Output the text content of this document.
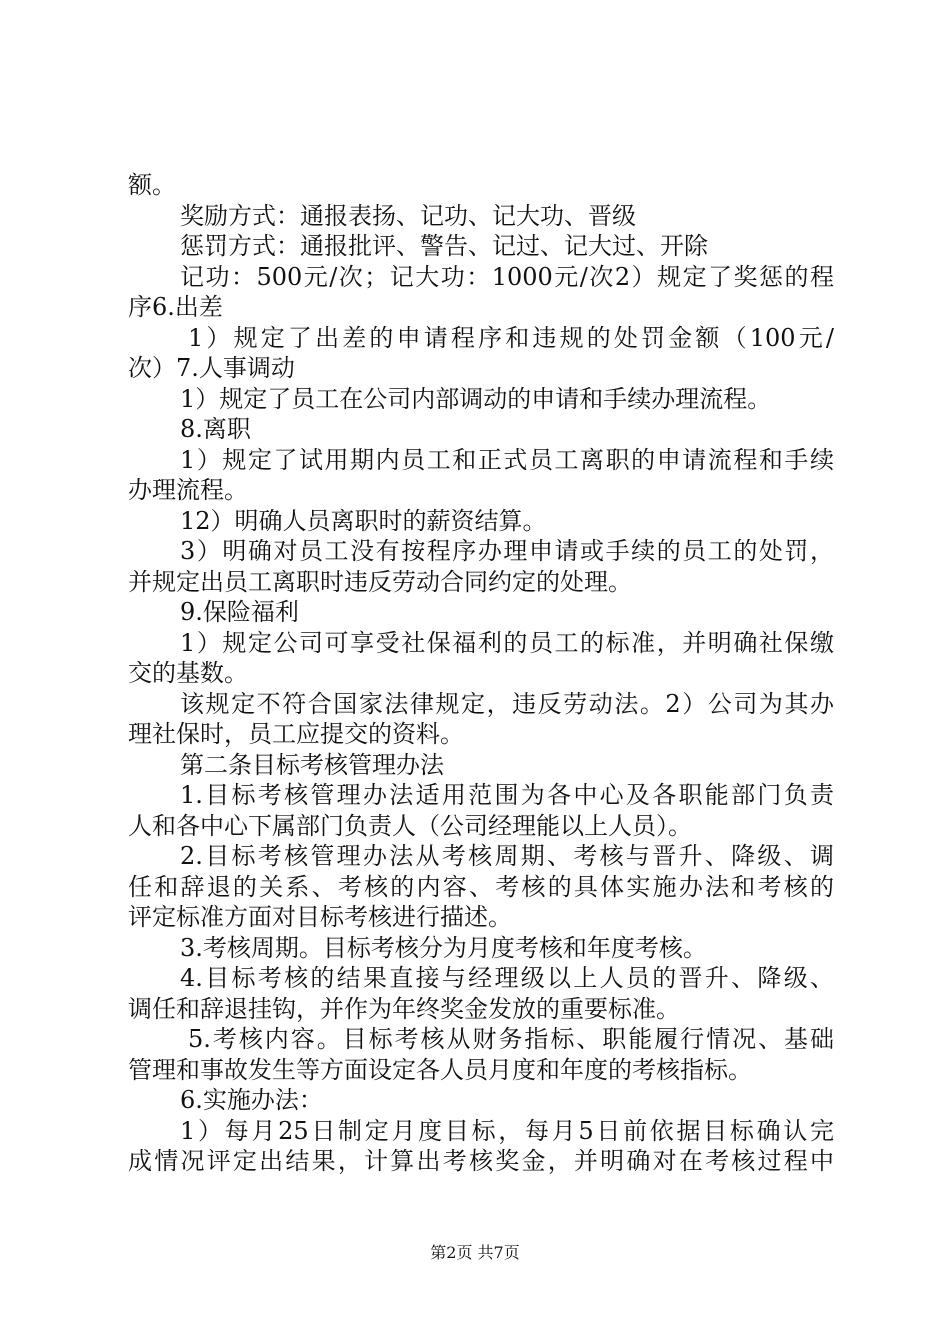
额。
奖励方式：通报表扬、记功、记大功、晋级
惩罚方式：通报批评、警告、记过、记大过、开除
记功：500元/次；记大功：1000元/次2）规定了奖惩的程
序6.出差
1）规定了出差的申请程序和违规的处罚金额（100元/
次）7.人事调动
1）规定了员工在公司内部调动的申请和手续办理流程。
8.离职
1）规定了试用期内员工和正式员工离职的申请流程和手续
办理流程。
12）明确人员离职时的薪资结算。
3）明确对员工没有按程序办理申请或手续的员工的处罚，
并规定出员工离职时违反劳动合同约定的处理。
9.保险福利
1）规定公司可享受社保福利的员工的标准，并明确社保缴
交的基数。
该规定不符合国家法律规定，违反劳动法。2）公司为其办
理社保时，员工应提交的资料。
第二条目标考核管理办法
1.目标考核管理办法适用范围为各中心及各职能部门负责
人和各中心下属部门负责人（公司经理能以上人员）。
2.目标考核管理办法从考核周期、考核与晋升、降级、调
任和辞退的关系、考核的内容、考核的具体实施办法和考核的
评定标准方面对目标考核进行描述。
3.考核周期。目标考核分为月度考核和年度考核。
4.目标考核的结果直接与经理级以上人员的晋升、降级、
调任和辞退挂钩，并作为年终奖金发放的重要标准。
5.考核内容。目标考核从财务指标、职能履行情况、基础
管理和事故发生等方面设定各人员月度和年度的考核指标。
6.实施办法：
1）每月25日制定月度目标，每月5日前依据目标确认完
成情况评定出结果，计算出考核奖金，并明确对在考核过程中
第2页 共7页
